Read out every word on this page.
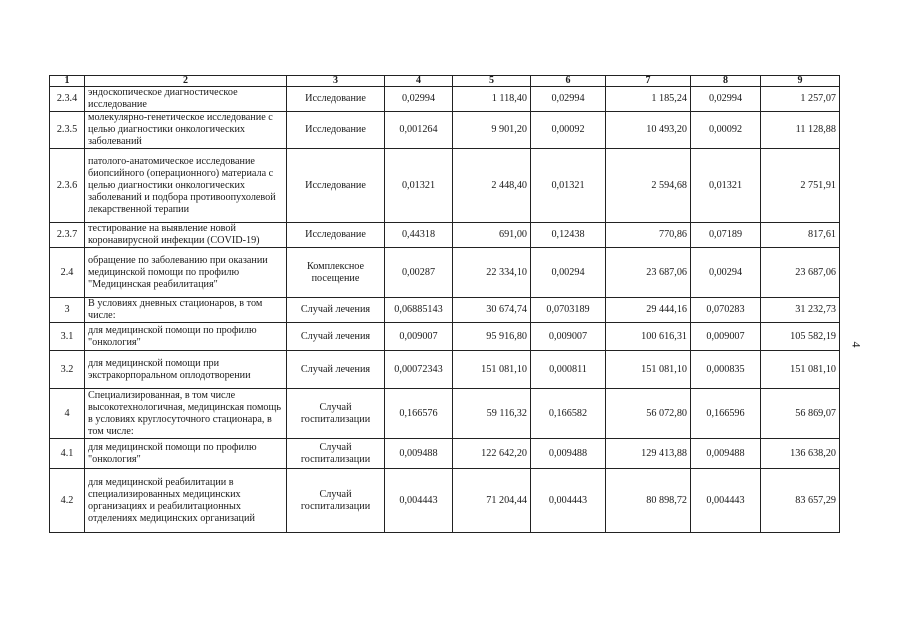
1	2	3	4	5	6	7	8	9
2.3.4	эндоскопическое диагностическое исследование	Исследование	0,02994	1 118,40	0,02994	1 185,24	0,02994	1 257,07
2.3.5	молекулярно-генетическое исследование с целью диагностики онкологических заболеваний	Исследование	0,001264	9 901,20	0,00092	10 493,20	0,00092	11 128,88
2.3.6	патолого-анатомическое исследование биопсийного (операционного) материала с целью диагностики онкологических заболеваний и подбора противоопухолевой лекарственной терапии	Исследование	0,01321	2 448,40	0,01321	2 594,68	0,01321	2 751,91
2.3.7	тестирование на выявление новой коронавирусной инфекции (COVID-19)	Исследование	0,44318	691,00	0,12438	770,86	0,07189	817,61
2.4	обращение по заболеванию при оказании медицинской помощи по профилю "Медицинская реабилитация"	Комплексное посещение	0,00287	22 334,10	0,00294	23 687,06	0,00294	23 687,06
3	В условиях дневных стационаров, в том числе:	Случай лечения	0,06885143	30 674,74	0,0703189	29 444,16	0,070283	31 232,73
3.1	для медицинской помощи по профилю "онкология"	Случай лечения	0,009007	95 916,80	0,009007	100 616,31	0,009007	105 582,19
3.2	для медицинской помощи при экстракорпоральном оплодотворении	Случай лечения	0,00072343	151 081,10	0,000811	151 081,10	0,000835	151 081,10
4	Специализированная, в том числе высокотехнологичная, медицинская помощь в условиях круглосуточного стационара, в том числе:	Случай госпитализации	0,166576	59 116,32	0,166582	56 072,80	0,166596	56 869,07
4.1	для медицинской помощи по профилю "онкология"	Случай госпитализации	0,009488	122 642,20	0,009488	129 413,88	0,009488	136 638,20
4.2	для медицинской реабилитации в специализированных медицинских организациях и реабилитационных отделениях медицинских организаций	Случай госпитализации	0,004443	71 204,44	0,004443	80 898,72	0,004443	83 657,29
4
